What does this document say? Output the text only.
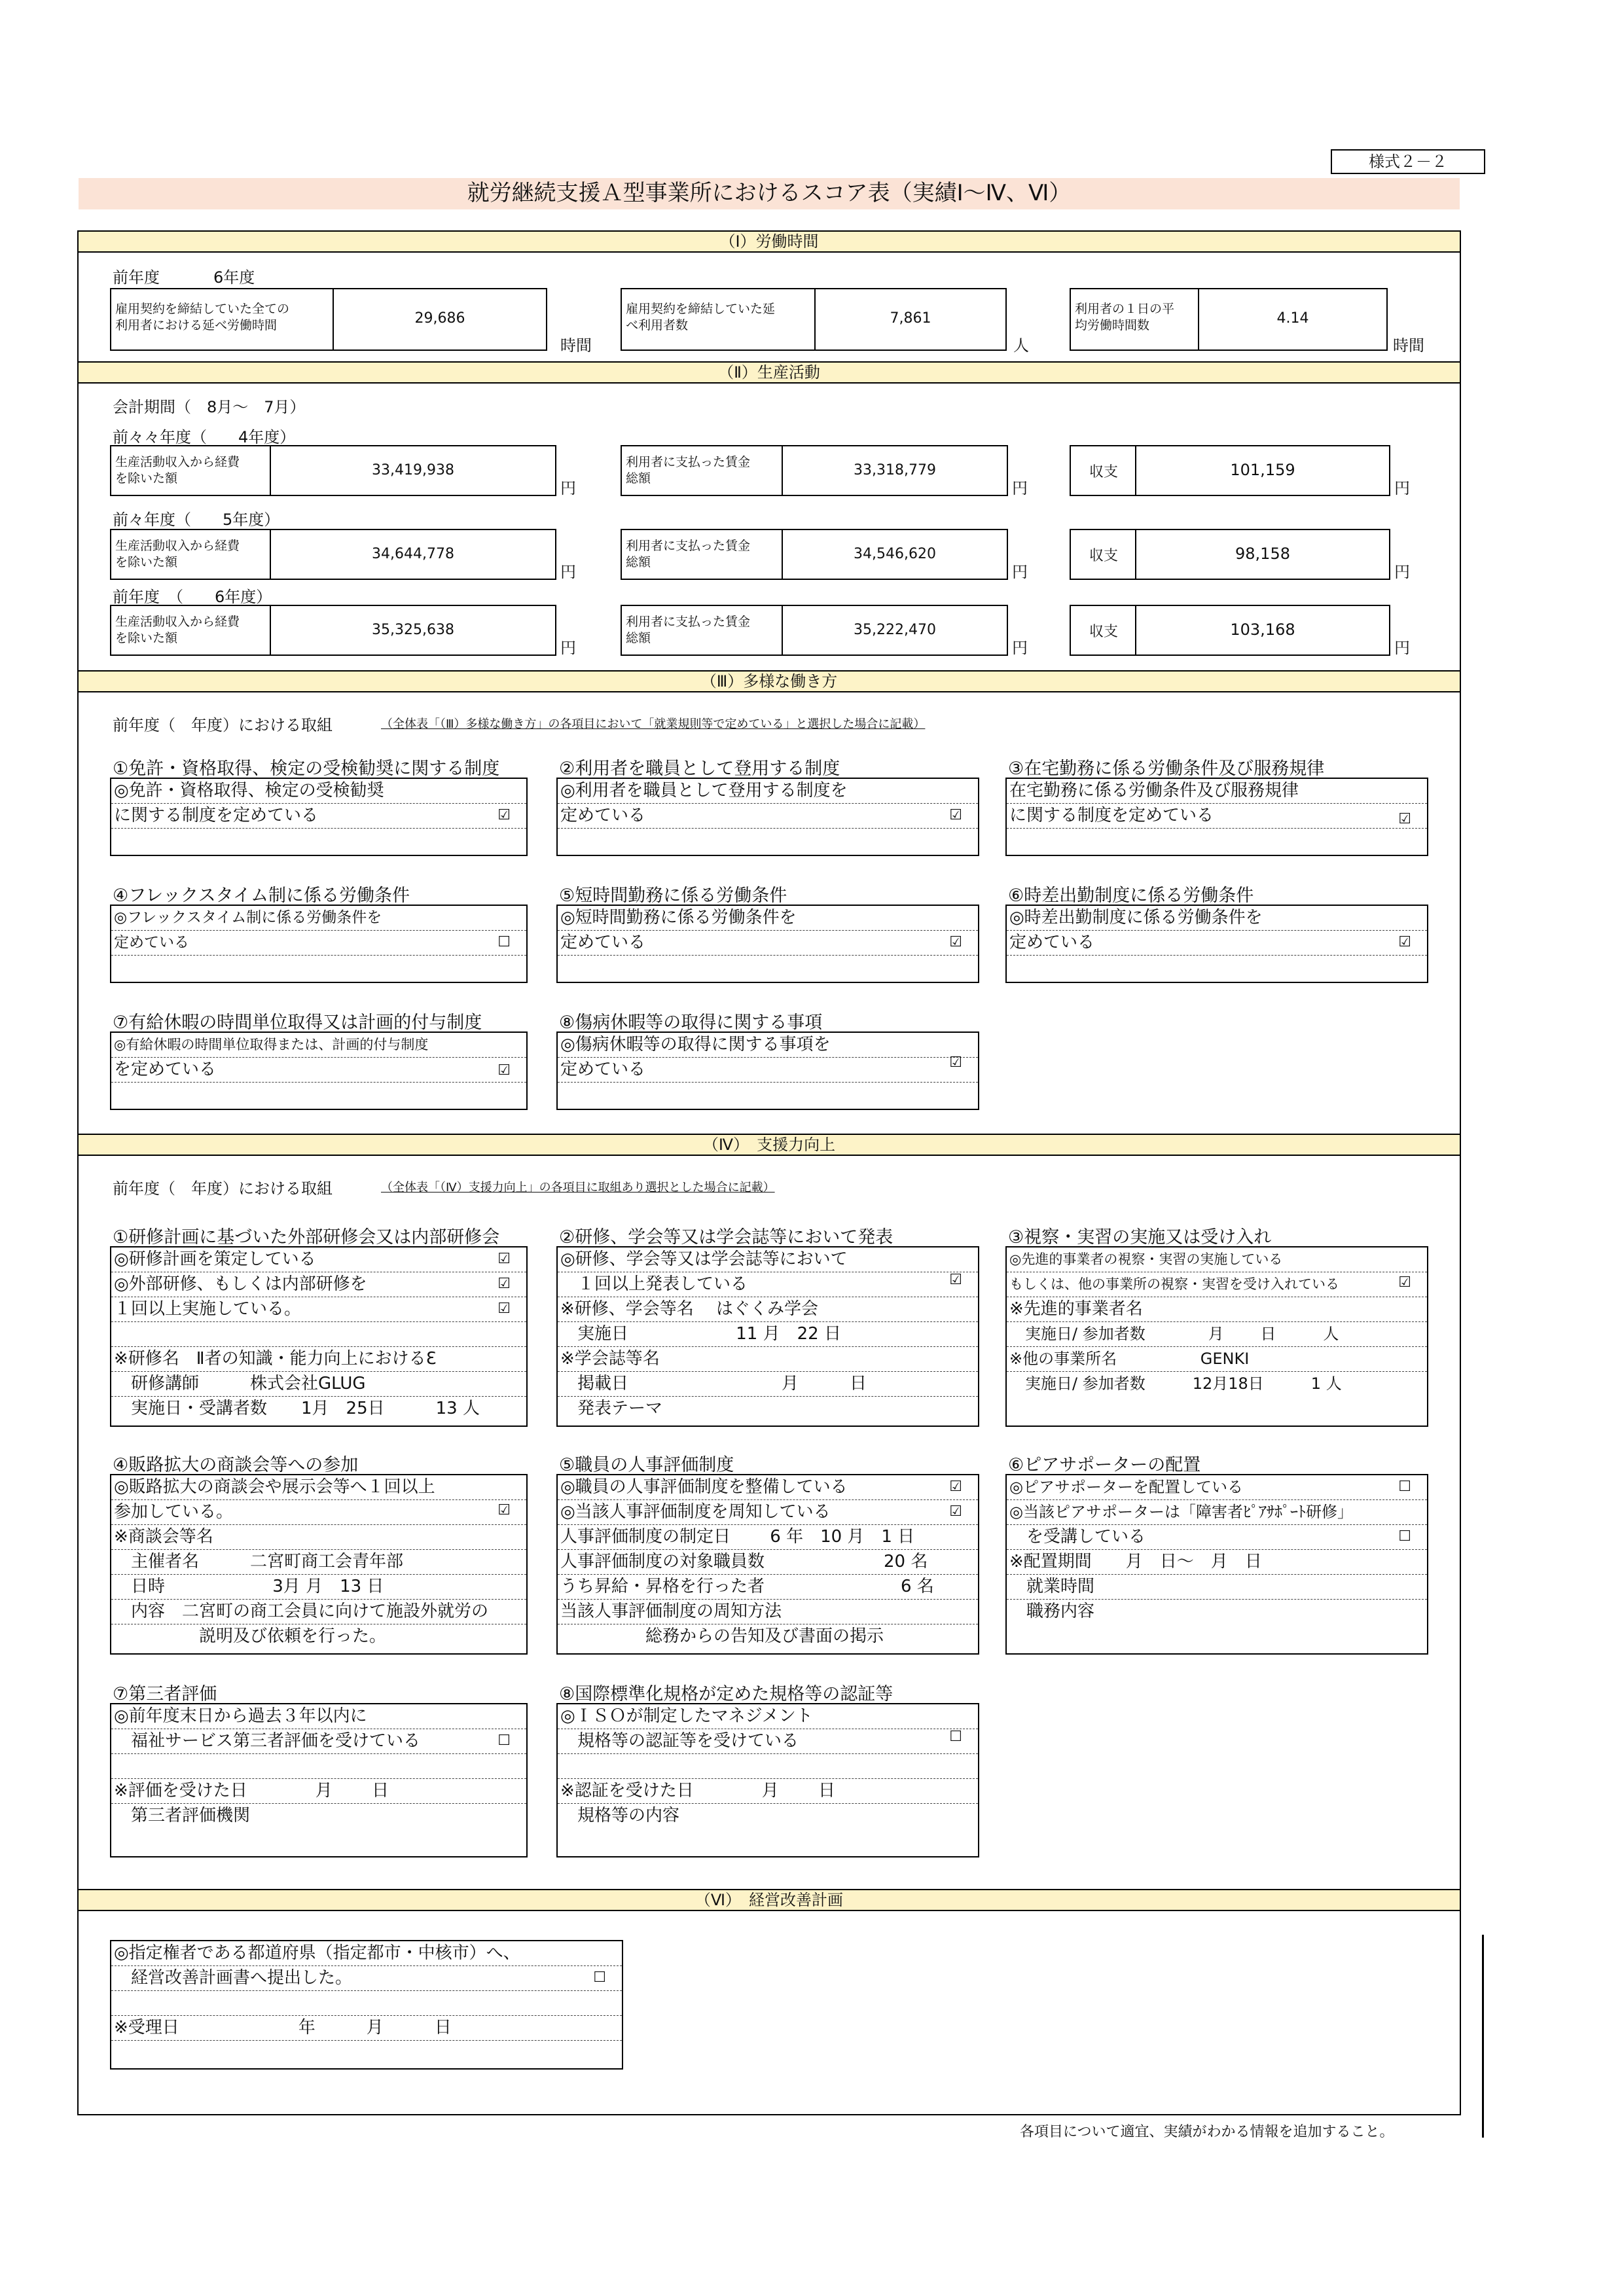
様式２－２
就労継続支援Ａ型事業所におけるスコア表（実績Ⅰ～Ⅳ、Ⅵ）
（Ⅰ）労働時間
前年度	6年度
雇用契約を締結していた全ての
利用者における延べ労働時間	29,686
時間
雇用契約を締結していた延
べ利用者数	7,861
人
利用者の１日の平
均労働時間数	4.14
時間
（Ⅱ）生産活動
会計期間（　8月～　7月）
前々々年度（　　4年度）
生産活動収入から経費
を除いた額	33,419,938
円
利用者に支払った賃金
総額	33,318,779
円
収支	101,159
円
前々年度（　　5年度）
生産活動収入から経費
を除いた額	34,644,778
円
利用者に支払った賃金
総額	34,546,620
円
収支	98,158
円
前年度　（　　6年度）
生産活動収入から経費
を除いた額	35,325,638
円
利用者に支払った賃金
総額	35,222,470
円
収支	103,168
円
（Ⅲ）多様な働き方
前年度（　年度）における取組	（全体表「（Ⅲ）多様な働き方」の各項目において「就業規則等で定めている」と選択した場合に記載）
①免許・資格取得、検定の受検勧奨に関する制度
◎免許・資格取得、検定の受検勧奨
に関する制度を定めている	☑
②利用者を職員として登用する制度
◎利用者を職員として登用する制度を
定めている	☑
③在宅勤務に係る労働条件及び服務規律
在宅勤務に係る労働条件及び服務規律
に関する制度を定めている	☑
④フレックスタイム制に係る労働条件
◎フレックスタイム制に係る労働条件を
定めている	☐
⑤短時間勤務に係る労働条件
◎短時間勤務に係る労働条件を
定めている	☑
⑥時差出勤制度に係る労働条件
◎時差出勤制度に係る労働条件を
定めている	☑
⑦有給休暇の時間単位取得又は計画的付与制度
◎有給休暇の時間単位取得または、計画的付与制度
を定めている	☑
⑧傷病休暇等の取得に関する事項
◎傷病休暇等の取得に関する事項を
定めている	☑
（Ⅳ）　支援力向上
前年度（　年度）における取組	（全体表「（Ⅳ）支援力向上」の各項目に取組あり選択とした場合に記載）
①研修計画に基づいた外部研修会又は内部研修会
◎研修計画を策定している
◎外部研修、もしくは内部研修を
１回以上実施している。
※研修名　Ⅱ者の知識・能力向上におけるℇ
　研修講師　　　株式会社GLUG
　実施日・受講者数　　1月　25日　　　13 人
☑
☑
☑
②研修、学会等又は学会誌等において発表
◎研修、学会等又は学会誌等において
　１回以上発表している
※研修、学会等名　 はぐくみ学会
　実施日　　　　　　 11 月　22 日
※学会誌等名
　掲載日　　　　　　　　　月　　　日
　発表テーマ
☑
③視察・実習の実施又は受け入れ
◎先進的事業者の視察・実習の実施している
もしくは、他の事業所の視察・実習を受け入れている
※先進的事業者名
　実施日/ 参加者数　　　　月　　 日　　　人
※他の事業所名　　　　　 GENKI
　実施日/ 参加者数　　　12月18日　　　1 人
☑
④販路拡大の商談会等への参加
◎販路拡大の商談会や展示会等へ１回以上
参加している。
※商談会等名
　主催者名　　　二宮町商工会青年部
　日時　　　　　　 3月 月　13 日
　内容　二宮町の商工会員に向けて施設外就労の
　　　　　説明及び依頼を行った。
☑
⑤職員の人事評価制度
◎職員の人事評価制度を整備している
◎当該人事評価制度を周知している
人事評価制度の制定日　　 6 年　10 月　1 日
人事評価制度の対象職員数　　　　　　　20 名
うち昇給・昇格を行った者　　　　　　　　6 名
当該人事評価制度の周知方法
　　　　　総務からの告知及び書面の掲示
☑
☑
⑥ピアサポーターの配置
◎ピアサポーターを配置している
◎当該ピアサポーターは「障害者ﾋﾟｱｻﾎﾟｰﾄ研修」
　を受講している
※配置期間　　月　日～　月　日
　就業時間
　職務内容
☐
☐
⑦第三者評価
◎前年度末日から過去３年以内に
　福祉サービス第三者評価を受けている
※評価を受けた日　　　　月　　 日
　第三者評価機関
☐
⑧国際標準化規格が定めた規格等の認証等
◎ＩＳＯが制定したマネジメント
　規格等の認証等を受けている
※認証を受けた日　　　　月　　 日
　規格等の内容
☐
（Ⅵ）　経営改善計画
◎指定権者である都道府県（指定都市・中核市）へ、
　経営改善計画書へ提出した。
※受理日　　　　　　　年　　　月　　　日
☐
各項目について適宜、実績がわかる情報を追加すること。
